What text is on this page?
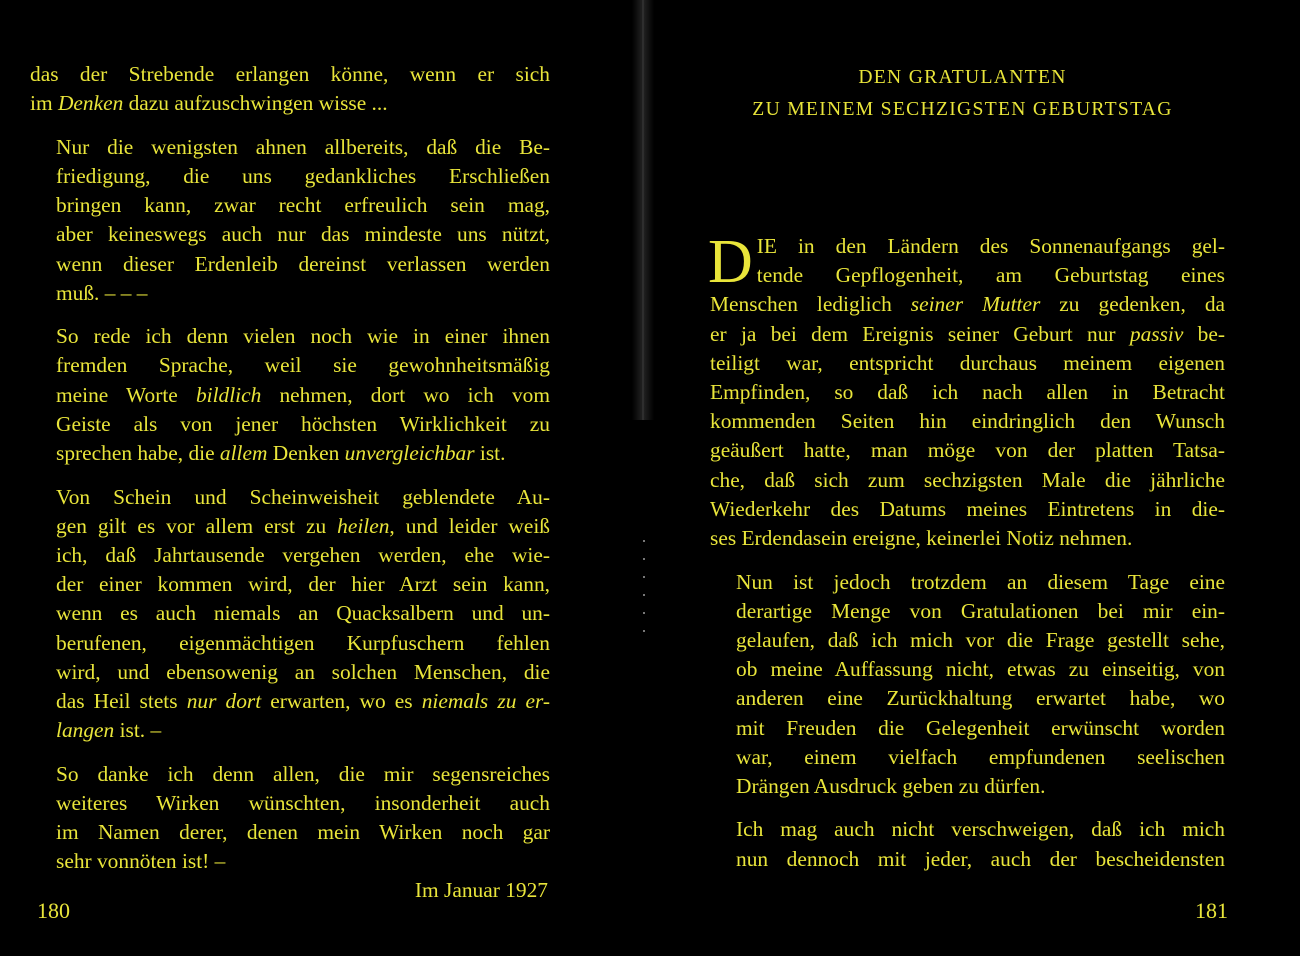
das der Strebende erlangen könne, wenn er sich
im Denken dazu aufzuschwingen wisse ...

Nur die wenigsten ahnen allbereits, daß die Be-
friedigung, die uns gedankliches Erschließen
bringen kann, zwar recht erfreulich sein mag,
aber keineswegs auch nur das mindeste uns nützt,
wenn dieser Erdenleib dereinst verlassen werden
muß. – – –

So rede ich denn vielen noch wie in einer ihnen
fremden Sprache, weil sie gewohnheitsmäßig
meine Worte bildlich nehmen, dort wo ich vom
Geiste als von jener höchsten Wirklichkeit zu
sprechen habe, die allem Denken unvergleichbar ist.

Von Schein und Scheinweisheit geblendete Au-
gen gilt es vor allem erst zu heilen, und leider weiß
ich, daß Jahrtausende vergehen werden, ehe wie-
der einer kommen wird, der hier Arzt sein kann,
wenn es auch niemals an Quacksalbern und un-
berufenen, eigenmächtigen Kurpfuschern fehlen
wird, und ebensowenig an solchen Menschen, die
das Heil stets nur dort erwarten, wo es niemals zu er-
langen ist. –

So danke ich denn allen, die mir segensreiches
weiteres Wirken wünschten, insonderheit auch
im Namen derer, denen mein Wirken noch gar
sehr vonnöten ist! –
Im Januar 1927

180
DEN GRATULANTEN
ZU MEINEM SECHZIGSTEN GEBURTSTAG

D IE in den Ländern des Sonnenaufgangs gel-
tende Gepflogenheit, am Geburtstag eines
Menschen lediglich seiner Mutter zu gedenken, da
er ja bei dem Ereignis seiner Geburt nur passiv be-
teiligt war, entspricht durchaus meinem eigenen
Empfinden, so daß ich nach allen in Betracht
kommenden Seiten hin eindringlich den Wunsch
geäußert hatte, man möge von der platten Tatsa-
che, daß sich zum sechzigsten Male die jährliche
Wiederkehr des Datums meines Eintretens in die-
ses Erdendasein ereigne, keinerlei Notiz nehmen.

Nun ist jedoch trotzdem an diesem Tage eine
derartige Menge von Gratulationen bei mir ein-
gelaufen, daß ich mich vor die Frage gestellt sehe,
ob meine Auffassung nicht, etwas zu einseitig, von
anderen eine Zurückhaltung erwartet habe, wo
mit Freuden die Gelegenheit erwünscht worden
war, einem vielfach empfundenen seelischen
Drängen Ausdruck geben zu dürfen.

Ich mag auch nicht verschweigen, daß ich mich
nun dennoch mit jeder, auch der bescheidensten

181
